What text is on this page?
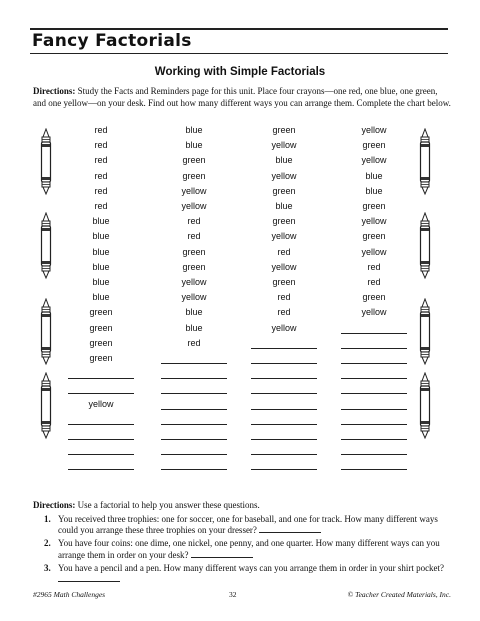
Fancy Factorials
Working with Simple Factorials
Directions: Study the Facts and Reminders page for this unit. Place four crayons—one red, one blue, one green, and one yellow—on your desk. Find out how many different ways you can arrange them. Complete the chart below.
red	blue	green	yellow
red	blue	yellow	green
red	green	blue	yellow
red	green	yellow	blue
red	yellow	green	blue
red	yellow	blue	green
blue	red	green	yellow
blue	red	yellow	green
blue	green	red	yellow
blue	green	yellow	red
blue	yellow	green	red
blue	yellow	red	green
green	blue	red	yellow
green	blue	yellow
green	red
green
yellow
Directions: Use a factorial to help you answer these questions.
1. You received three trophies: one for soccer, one for baseball, and one for track. How many different ways could you arrange these three trophies on your dresser?
2. You have four coins: one dime, one nickel, one penny, and one quarter. How many different ways can you arrange them in order on your desk?
3. You have a pencil and a pen. How many different ways can you arrange them in order in your shirt pocket?
#2965 Math Challenges	32	© Teacher Created Materials, Inc.
